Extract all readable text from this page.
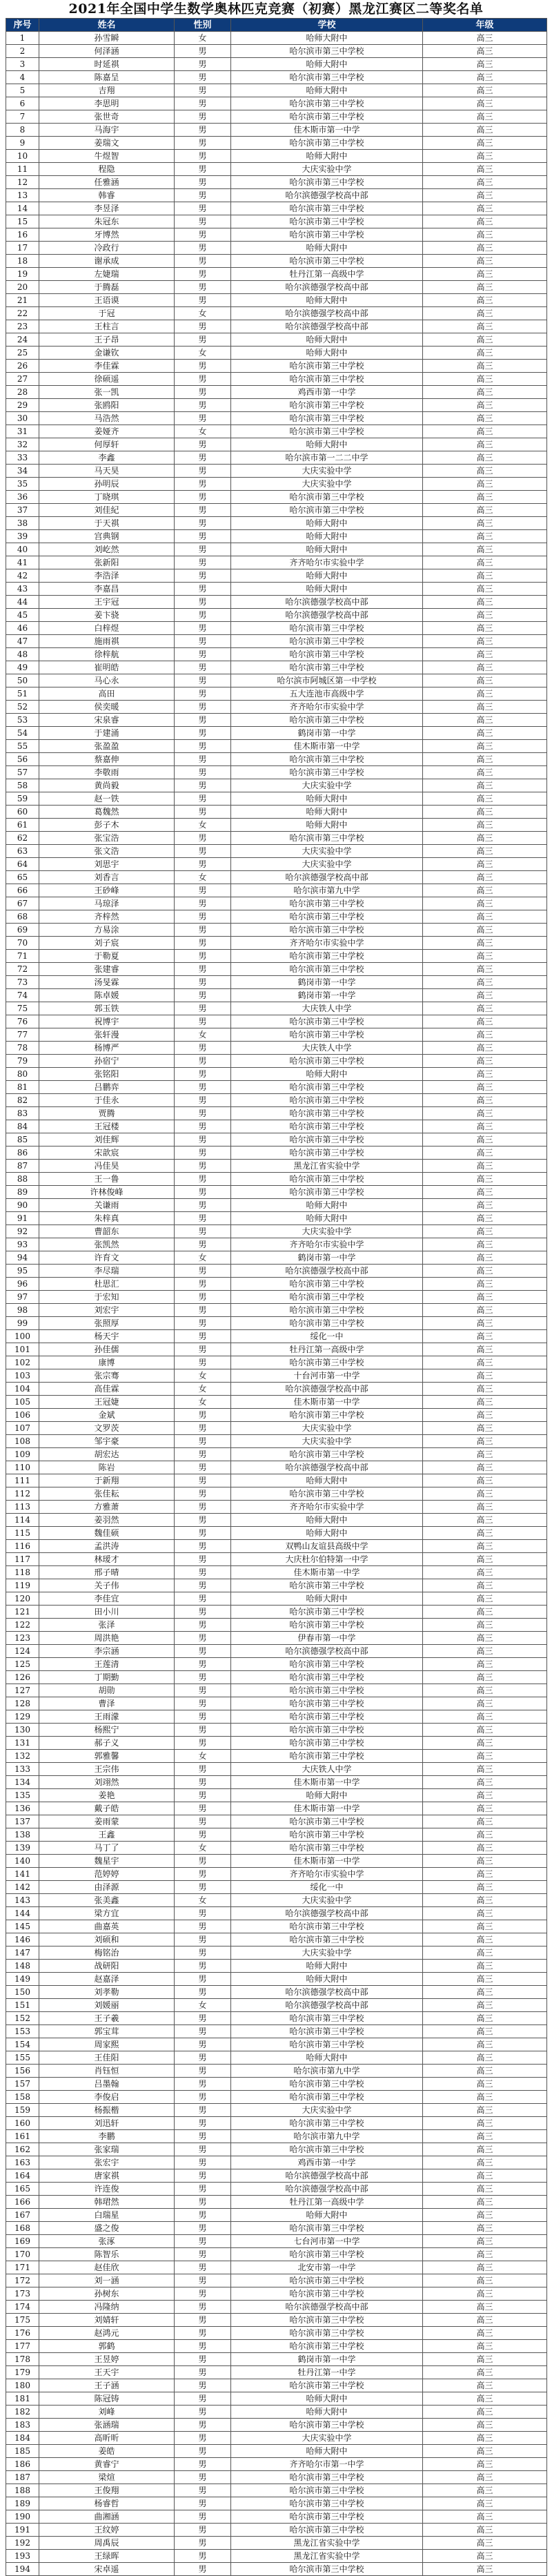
2021年全国中学生数学奥林匹克竞赛（初赛）黑龙江赛区二等奖名单
序号	姓名	性别	学校	年级
1	孙雪瞬	女	哈师大附中	高三
2	何泽涵	男	哈尔滨市第三中学校	高三
3	时延祺	男	哈师大附中	高三
4	陈嘉呈	男	哈尔滨市第三中学校	高三
5	吉翔	男	哈师大附中	高三
6	李思明	男	哈尔滨市第三中学校	高三
7	张世奇	男	哈尔滨市第三中学校	高三
8	马海宇	男	佳木斯市第一中学	高三
9	姜瑞文	男	哈尔滨市第三中学校	高三
10	牛煜智	男	哈师大附中	高三
11	程隐	男	大庆实验中学	高三
12	任雅涵	男	哈尔滨市第三中学校	高三
13	韩睿	男	哈尔滨德强学校高中部	高三
14	李昱泽	男	哈尔滨市第三中学校	高三
15	朱冠东	男	哈尔滨市第三中学校	高三
16	牙博然	男	哈尔滨市第三中学校	高三
17	冷政行	男	哈师大附中	高三
18	谢承成	男	哈尔滨市第三中学校	高三
19	左婕瑞	男	牡丹江第一高级中学	高三
20	于腾磊	男	哈尔滨德强学校高中部	高三
21	王语谟	男	哈师大附中	高三
22	于冠	女	哈尔滨德强学校高中部	高三
23	王柱言	男	哈尔滨德强学校高中部	高三
24	王子昂	男	哈师大附中	高三
25	金谦钦	女	哈师大附中	高三
26	李佳霖	男	哈尔滨市第三中学校	高三
27	徐硕遥	男	哈尔滨市第三中学校	高三
28	张一凯	男	鸡西市第一中学	高三
29	张鸥阳	男	哈尔滨市第三中学校	高三
30	马浩然	男	哈尔滨市第三中学校	高三
31	姜娅齐	女	哈尔滨市第三中学校	高三
32	何厚轩	男	哈师大附中	高三
33	李鑫	男	哈尔滨市第一二二中学	高三
34	马天昊	男	大庆实验中学	高三
35	孙明辰	男	大庆实验中学	高三
36	丁晓琪	男	哈尔滨市第三中学校	高三
37	刘佳紀	男	哈尔滨市第三中学校	高三
38	于天祺	男	哈师大附中	高三
39	宫典钢	男	哈师大附中	高三
40	刘屹然	男	哈师大附中	高三
41	张新阳	男	齐齐哈尔市实验中学	高三
42	李浩泽	男	哈师大附中	高三
43	李嘉昌	男	哈师大附中	高三
44	王宇冠	男	哈尔滨德强学校高中部	高三
45	姜卞骁	男	哈尔滨德强学校高中部	高三
46	白梓煜	男	哈尔滨市第三中学校	高三
47	施雨祺	男	哈尔滨市第三中学校	高三
48	徐梓航	男	哈尔滨市第三中学校	高三
49	崔明皓	男	哈尔滨市第三中学校	高三
50	马心永	男	哈尔滨市阿城区第一中学校	高三
51	高田	男	五大连池市高级中学	高三
52	侯奕暖	男	齐齐哈尔市实验中学	高三
53	宋泉睿	男	哈尔滨市第三中学校	高三
54	于建涌	男	鹤岗市第一中学	高三
55	张盈盈	男	佳木斯市第一中学	高三
56	蔡嘉伸	男	哈尔滨市第三中学校	高三
57	李敬雨	男	哈尔滨市第三中学校	高三
58	黄尚毅	男	大庆实验中学	高三
59	赵一铁	男	哈师大附中	高三
60	葛魏然	男	哈师大附中	高三
61	彭子木	女	哈师大附中	高三
62	张宝浩	男	哈尔滨市第三中学校	高三
63	张文浩	男	大庆实验中学	高三
64	刘思宇	男	大庆实验中学	高三
65	刘香言	女	哈尔滨德强学校高中部	高三
66	王砂峰	男	哈尔滨市第九中学	高三
67	马琼泽	男	哈尔滨市第三中学校	高三
68	齐梓然	男	哈尔滨市第三中学校	高三
69	方易涂	男	哈尔滨市第三中学校	高三
70	刘子宸	男	齐齐哈尔市实验中学	高三
71	于勒夏	男	哈尔滨市第三中学校	高三
72	张建睿	男	哈尔滨市第三中学校	高三
73	汤旻霖	男	鹤岗市第一中学	高三
74	陈卓媛	男	鹤岗市第一中学	高三
75	郭玉铁	男	大庆铁人中学	高三
76	祝博宇	男	哈尔滨市第三中学校	高三
77	张轩漫	女	哈尔滨市第三中学校	高三
78	杨博严	男	大庆铁人中学	高三
79	孙宿宁	男	哈尔滨市第三中学校	高三
80	张铭阳	男	哈师大附中	高三
81	吕鹏弈	男	哈尔滨市第三中学校	高三
82	于佳永	男	哈尔滨市第三中学校	高三
83	贾腾	男	哈尔滨市第三中学校	高三
84	王冠楼	男	哈尔滨市第三中学校	高三
85	刘佳辉	男	哈尔滨市第三中学校	高三
86	宋歆宸	男	哈尔滨市第三中学校	高三
87	冯佳昊	男	黑龙江省实验中学	高三
88	王一鲁	男	哈尔滨市第三中学校	高三
89	许林俊峰	男	哈尔滨市第三中学校	高三
90	关谦雨	男	哈师大附中	高三
91	朱梓真	男	哈师大附中	高三
92	曹韶东	男	大庆实验中学	高三
93	张凯然	男	齐齐哈尔市实验中学	高三
94	许育文	女	鹤岗市第一中学	高三
95	李尽瑞	男	哈尔滨德强学校高中部	高三
96	杜思汇	男	哈尔滨市第三中学校	高三
97	于宏知	男	哈尔滨市第三中学校	高三
98	刘宏宇	男	哈尔滨市第三中学校	高三
99	张照厚	男	哈尔滨市第三中学校	高三
100	杨天宇	男	绥化一中	高三
101	孙佳儒	男	牡丹江第一高级中学	高三
102	康博	男	哈尔滨市第三中学校	高三
103	张宗骞	女	十台河市第一中学	高三
104	高佳霖	女	哈尔滨德强学校高中部	高三
105	王冠婕	女	佳木斯市第一中学	高三
106	金斌	男	哈尔滨市第三中学校	高三
107	文罗茨	男	大庆实验中学	高三
108	邹宇豪	男	大庆实验中学	高三
109	胡宏达	男	哈尔滨市第三中学校	高三
110	陈岩	男	哈尔滨德强学校高中部	高三
111	于新翔	男	哈师大附中	高三
112	张佳耘	男	哈尔滨市第三中学校	高三
113	方雅萧	男	齐齐哈尔市实验中学	高三
114	姜羽然	男	哈师大附中	高三
115	魏佳硕	男	哈师大附中	高三
116	孟洪涛	男	双鸭山友谊县高级中学	高三
117	林瑷才	男	大庆杜尔伯特第一中学	高三
118	邢子晴	男	佳木斯市第一中学	高三
119	关子伟	男	哈尔滨市第三中学校	高三
120	李佳宜	男	哈师大附中	高三
121	田小川	男	哈尔滨市第三中学校	高三
122	张泽	男	哈尔滨市第三中学校	高三
123	周洪艳	男	伊春市第一中学	高三
124	李宗涵	男	哈尔滨德强学校高中部	高三
125	王莲清	男	哈尔滨市第三中学校	高三
126	丁期勤	男	哈尔滨市第三中学校	高三
127	胡勋	男	哈尔滨市第三中学校	高三
128	曹泽	男	哈尔滨市第三中学校	高三
129	王雨濛	男	哈尔滨市第三中学校	高三
130	杨熙宁	男	哈尔滨市第三中学校	高三
131	郝子义	男	哈尔滨市第三中学校	高三
132	郭雅馨	女	哈尔滨市第三中学校	高三
133	王宗伟	男	大庆铁人中学	高三
134	刘翊然	男	佳木斯市第一中学	高三
135	姜艳	男	哈师大附中	高三
136	戴子皓	男	佳木斯市第一中学	高三
137	姜雨蒙	男	哈尔滨市第三中学校	高三
138	王鑫	男	哈尔滨市第三中学校	高三
139	马丁了	女	哈尔滨市第三中学校	高三
140	魏星宇	男	佳木斯市第一中学	高三
141	范婷婷	男	齐齐哈尔市实验中学	高三
142	由泽源	男	绥化一中	高三
143	张美鑫	女	大庆实验中学	高三
144	梁方宜	男	哈尔滨德强学校高中部	高三
145	曲嘉英	男	哈尔滨市第三中学校	高三
146	刘硕和	男	哈尔滨市第三中学校	高三
147	梅铭治	男	大庆实验中学	高三
148	战研阳	男	哈师大附中	高三
149	赵嘉泽	男	哈师大附中	高三
150	刘孝勒	男	哈尔滨德强学校高中部	高三
151	刘媛丽	女	哈尔滨德强学校高中部	高三
152	王子羲	男	哈尔滨市第三中学校	高三
153	郭宝茸	男	哈尔滨市第三中学校	高三
154	周家熙	男	哈尔滨市第三中学校	高三
155	王佳阳	男	哈师大附中	高三
156	肖钰恒	男	哈尔滨市第九中学	高三
157	吕墨翰	男	哈尔滨市第三中学校	高三
158	李俊启	男	哈尔滨市第三中学校	高三
159	杨振楷	男	大庆实验中学	高三
160	刘迅轩	男	哈尔滨市第三中学校	高三
161	李鹏	男	哈尔滨市第九中学	高三
162	张家瑞	男	哈尔滨市第三中学校	高三
163	张宏宇	男	鸡西市第一中学	高三
164	唐家祺	男	哈尔滨德强学校高中部	高三
165	许连俊	男	哈尔滨德强学校高中部	高三
166	韩珺然	男	牡丹江第一高级中学	高三
167	白瑞星	男	哈师大附中	高三
168	盛之俊	男	哈尔滨市第三中学校	高三
169	张涿	男	七台河市第一中学	高三
170	陈智乐	男	哈尔滨市第三中学校	高三
171	赵佳欣	男	北安市第一中学	高三
172	刘一涵	男	哈尔滨市第三中学校	高三
173	孙树东	男	哈尔滨市第三中学校	高三
174	冯隆纳	男	哈尔滨德强学校高中部	高三
175	刘婧轩	男	哈尔滨市第三中学校	高三
176	赵鸿元	男	哈尔滨市第三中学校	高三
177	郭鹤	男	哈尔滨市第三中学校	高三
178	王昱婷	男	鹤岗市第一中学	高三
179	王天宇	男	牡丹江第一中学	高三
180	王子涵	男	哈尔滨市第三中学校	高三
181	陈冠铸	男	哈师大附中	高三
182	刘峰	男	哈师大附中	高三
183	张涵瑞	男	哈尔滨市第三中学校	高三
184	高昕昕	男	大庆实验中学	高三
185	姜皓	男	哈师大附中	高三
186	黄睿宁	男	齐齐哈尔市第一中学	高三
187	梁煊	男	哈尔滨市第三中学校	高三
188	王俊翔	男	哈尔滨市第三中学校	高三
189	杨睿哲	男	哈尔滨市第三中学校	高三
190	曲湘涵	男	哈尔滨市第三中学校	高三
191	王纹婷	男	哈尔滨市第三中学校	高三
192	周禹辰	男	黑龙江省实验中学	高三
193	王绿晖	男	黑龙江省实验中学	高三
194	宋卓遥	男	哈尔滨市第三中学校	高三
